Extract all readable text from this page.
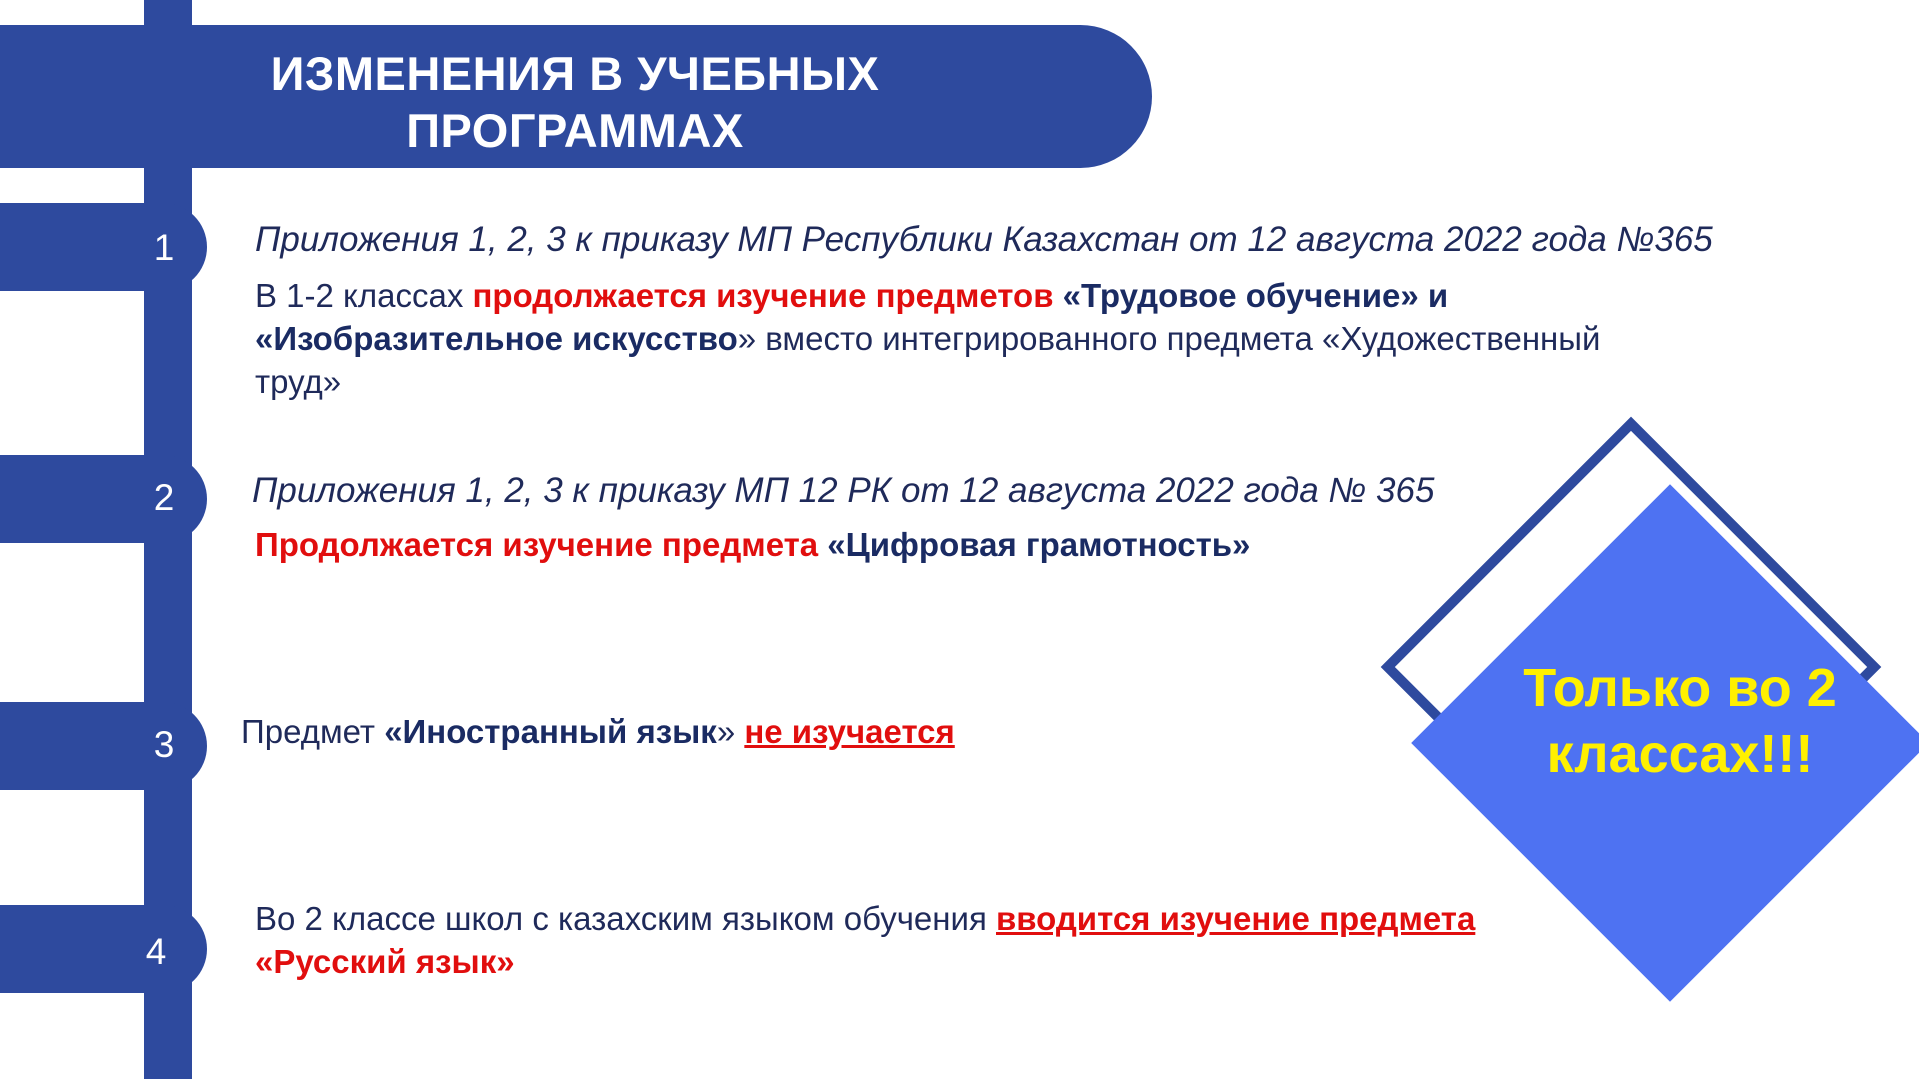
ИЗМЕНЕНИЯ В УЧЕБНЫХ
ПРОГРАММАХ
1
2
3
4
Приложения 1, 2, 3 к приказу МП Республики Казахстан от 12 августа 2022 года №365
В 1-2 классах продолжается изучение предметов «Трудовое обучение» и
«Изобразительное искусство» вместо интегрированного предмета «Художественный
труд»
Приложения 1, 2, 3 к приказу МП 12 РК от 12 августа 2022 года № 365
Продолжается изучение предмета «Цифровая грамотность»
Предмет «Иностранный язык» не изучается
Во 2 классе школ с казахским языком обучения вводится изучение предмета
«Русский язык»
Только во 2
классах!!!
